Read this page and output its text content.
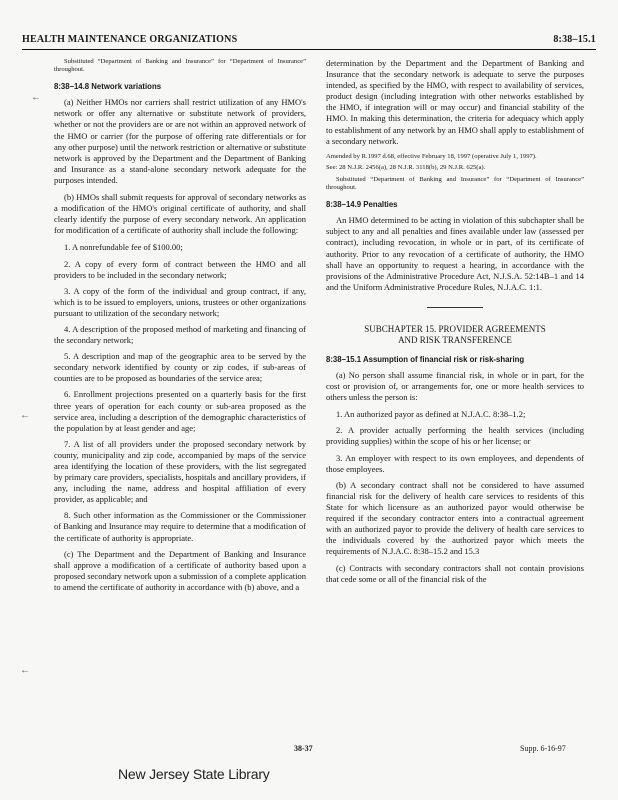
HEALTH MAINTENANCE ORGANIZATIONS	8:38–15.1
←
←
←

Substituted “Department of Banking and Insurance” for “Department of Insurance” throughout.

8:38–14.8 Network variations

(a) Neither HMOs nor carriers shall restrict utilization of any HMO's network or offer any alternative or substitute network of providers, whether or not the providers are or are not within an approved network of the HMO or carrier (for the purpose of offering rate differentials or for any other purpose) until the network restriction or alternative or substitute network is approved by the Department and the Department of Banking and Insurance as a stand-alone secondary network adequate for the purposes intended.

(b) HMOs shall submit requests for approval of secondary networks as a modification of the HMO's original certificate of authority, and shall clearly identify the purpose of every secondary network. An application for modification of a certificate of authority shall include the following:

1. A nonrefundable fee of $100.00;

2. A copy of every form of contract between the HMO and all providers to be included in the secondary network;

3. A copy of the form of the individual and group contract, if any, which is to be issued to employers, unions, trustees or other organizations pursuant to utilization of the secondary network;

4. A description of the proposed method of marketing and financing of the secondary network;

5. A description and map of the geographic area to be served by the secondary network identified by county or zip codes, if sub-areas of counties are to be proposed as boundaries of the service area;

6. Enrollment projections presented on a quarterly basis for the first three years of operation for each county or sub-area proposed as the service area, including a description of the demographic characteristics of the population by at least gender and age;

7. A list of all providers under the proposed secondary network by county, municipality and zip code, accompanied by maps of the service area identifying the location of these providers, with the list segregated by primary care providers, specialists, hospitals and ancillary providers, if any, including the name, address and hospital affiliation of every provider, as applicable; and

8. Such other information as the Commissioner or the Commissioner of Banking and Insurance may require to determine that a modification of the certificate of authority is appropriate.

(c) The Department and the Department of Banking and Insurance shall approve a modification of a certificate of authority based upon a proposed secondary network upon a submission of a complete application to amend the certificate of authority in accordance with (b) above, and a

determination by the Department and the Department of Banking and Insurance that the secondary network is adequate to serve the purposes intended, as specified by the HMO, with respect to availability of services, product design (including integration with other networks established by the HMO, if integration will or may occur) and financial stability of the HMO. In making this determination, the criteria for adequacy which apply to establishment of any network by an HMO shall apply to establishment of a secondary network.

Amended by R.1997 d.68, effective February 18, 1997 (operative July 1, 1997).

See: 28 N.J.R. 2456(a), 28 N.J.R. 3118(b), 29 N.J.R. 625(a).

Substituted “Department of Banking and Insurance” for “Department of Insurance” throughout.

8:38–14.9 Penalties

An HMO determined to be acting in violation of this subchapter shall be subject to any and all penalties and fines available under law (assessed per contract), including revocation, in whole or in part, of its certificate of authority. Prior to any revocation of a certificate of authority, the HMO shall have an opportunity to request a hearing, in accordance with the provisions of the Administrative Procedure Act, N.J.S.A. 52:14B–1 and 14 and the Uniform Administrative Procedure Rules, N.J.A.C. 1:1.

SUBCHAPTER 15. PROVIDER AGREEMENTS
AND RISK TRANSFERENCE
8:38–15.1 Assumption of financial risk or risk-sharing

(a) No person shall assume financial risk, in whole or in part, for the cost or provision of, or arrangements for, one or more health services to others unless the person is:

1. An authorized payor as defined at N.J.A.C. 8:38–1.2;

2. A provider actually performing the health services (including providing supplies) within the scope of his or her license; or

3. An employer with respect to its own employees, and dependents of those employees.

(b) A secondary contract shall not be considered to have assumed financial risk for the delivery of health care services to residents of this State for which licensure as an authorized payor would otherwise be required if the secondary contractor enters into a contractual agreement with an authorized payor to provide the delivery of health care services to the individuals covered by the authorized payor which meets the requirements of N.J.A.C. 8:38–15.2 and 15.3

(c) Contracts with secondary contractors shall not contain provisions that cede some or all of the financial risk of the

38-37	Supp. 6-16-97
New Jersey State Library
